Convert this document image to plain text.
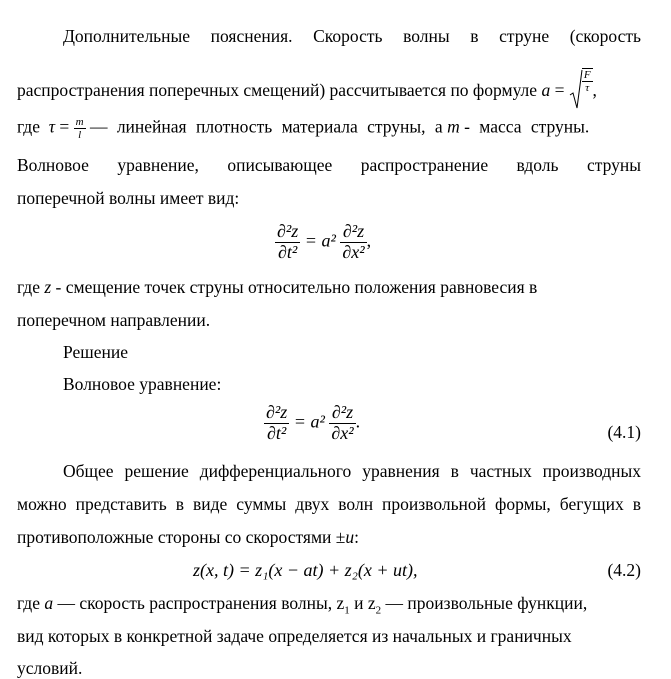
Дополнительные пояснения. Скорость волны в струне (скорость
распространения поперечных смещений) рассчитывается по формуле $a = \frac{F}{\tau}$ ,
где $\tau = \frac{m}{l}$ — линейная плотность материала струны, а m - масса струны.
Волновое уравнение, описывающее распространение вдоль струны
поперечной волны имеет вид:
$\frac{\text{∂²z}}{\text{∂t²}} = a^2 \frac{\text{∂²z}}{\text{∂x²}}$ ,
где z - смещение точек струны относительно положения равновесия в
поперечном направлении.
Решение
Волновое уравнение:
$\frac{\text{∂²z}}{\text{∂t²}} = a^2 \frac{\text{∂²z}}{\text{∂x²}}$ .
(4.1)
Общее решение дифференциального уравнения в частных производных
можно представить в виде суммы двух волн произвольной формы, бегущих в
противоположные стороны со скоростями ±u:
z(x, t) = z₁(x − at) + z₂(x + ut),	(4.2)
где a — скорость распространения волны, $z_1$ и $z_2$ — произвольные функции,
вид которых в конкретной задаче определяется из начальных и граничных
условий.
